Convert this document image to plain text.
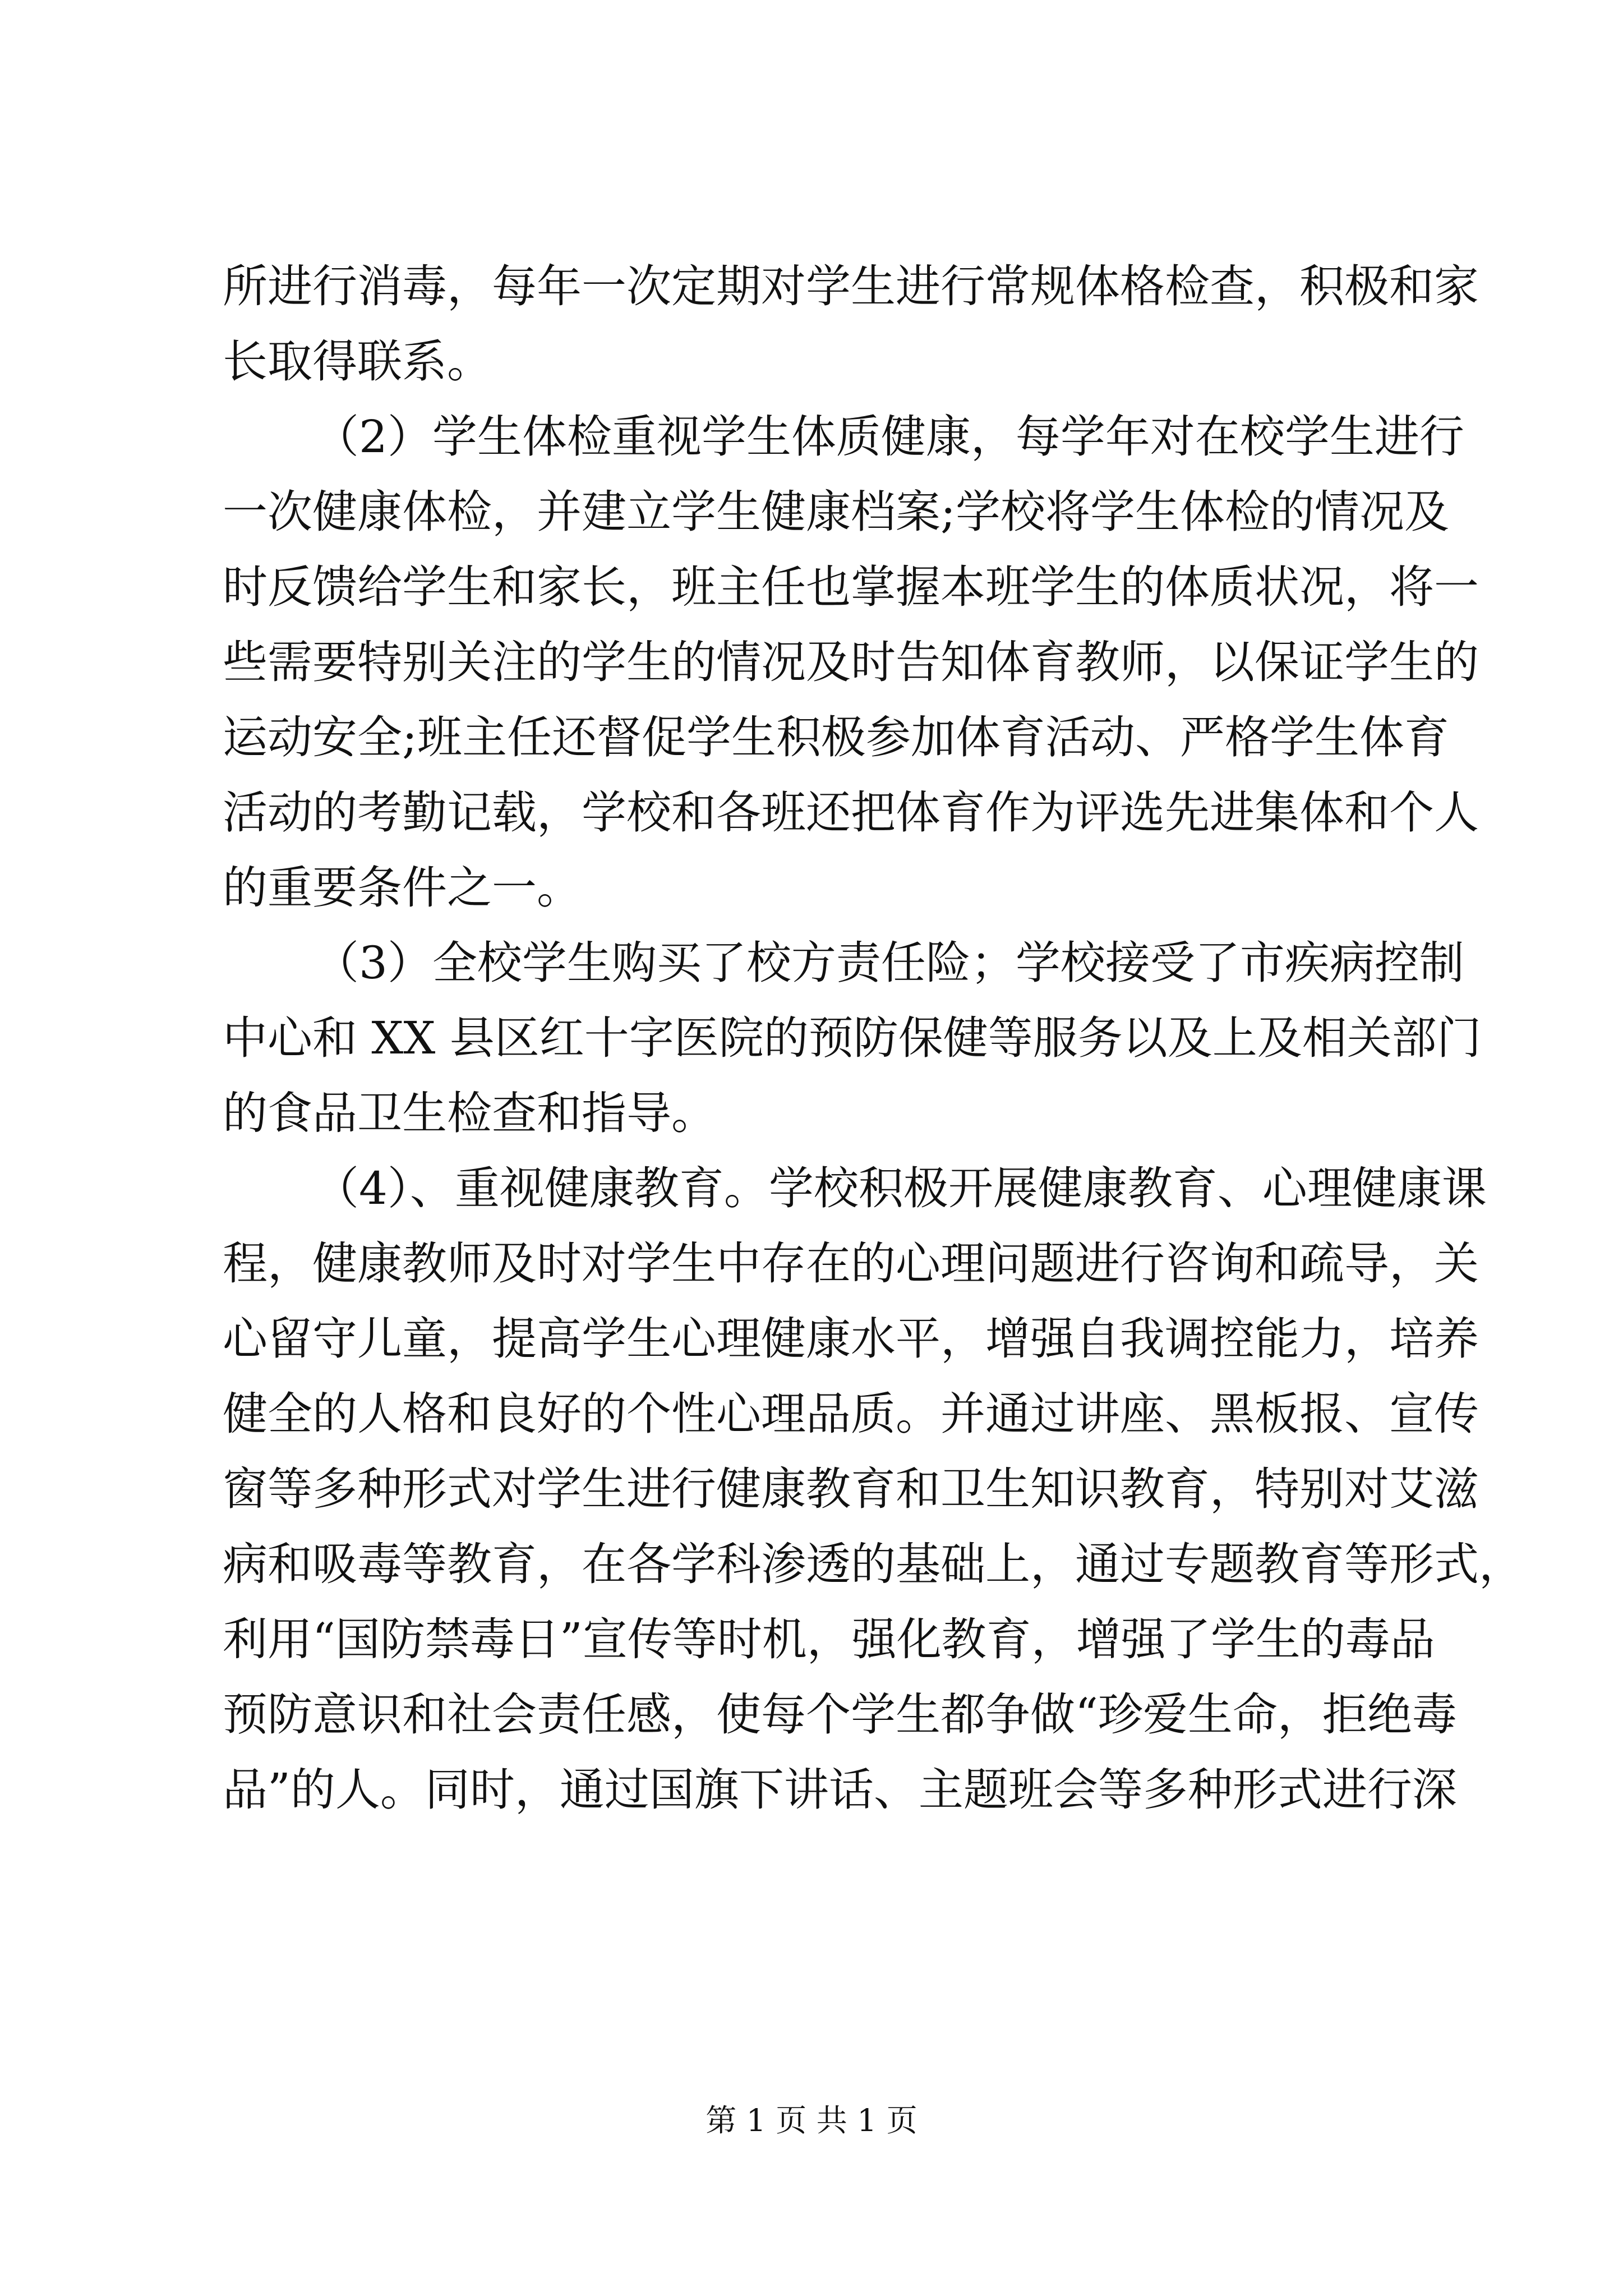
所进行消毒，每年一次定期对学生进行常规体格检查，积极和家
长取得联系。
（2）学生体检重视学生体质健康，每学年对在校学生进行
一次健康体检，并建立学生健康档案;学校将学生体检的情况及
时反馈给学生和家长，班主任也掌握本班学生的体质状况，将一
些需要特别关注的学生的情况及时告知体育教师，以保证学生的
运动安全;班主任还督促学生积极参加体育活动、严格学生体育
活动的考勤记载，学校和各班还把体育作为评选先进集体和个人
的重要条件之一。
（3）全校学生购买了校方责任险；学校接受了市疾病控制
中心和 XX 县区红十字医院的预防保健等服务以及上及相关部门
的食品卫生检查和指导。
（4）、重视健康教育。学校积极开展健康教育、心理健康课
程，健康教师及时对学生中存在的心理问题进行咨询和疏导，关
心留守儿童，提高学生心理健康水平，增强自我调控能力，培养
健全的人格和良好的个性心理品质。并通过讲座、黑板报、宣传
窗等多种形式对学生进行健康教育和卫生知识教育，特别对艾滋
病和吸毒等教育，在各学科渗透的基础上，通过专题教育等形式，
利用“国防禁毒日”宣传等时机，强化教育，增强了学生的毒品
预防意识和社会责任感，使每个学生都争做“珍爱生命，拒绝毒
品”的人。同时，通过国旗下讲话、主题班会等多种形式进行深
第 1 页 共 1 页
